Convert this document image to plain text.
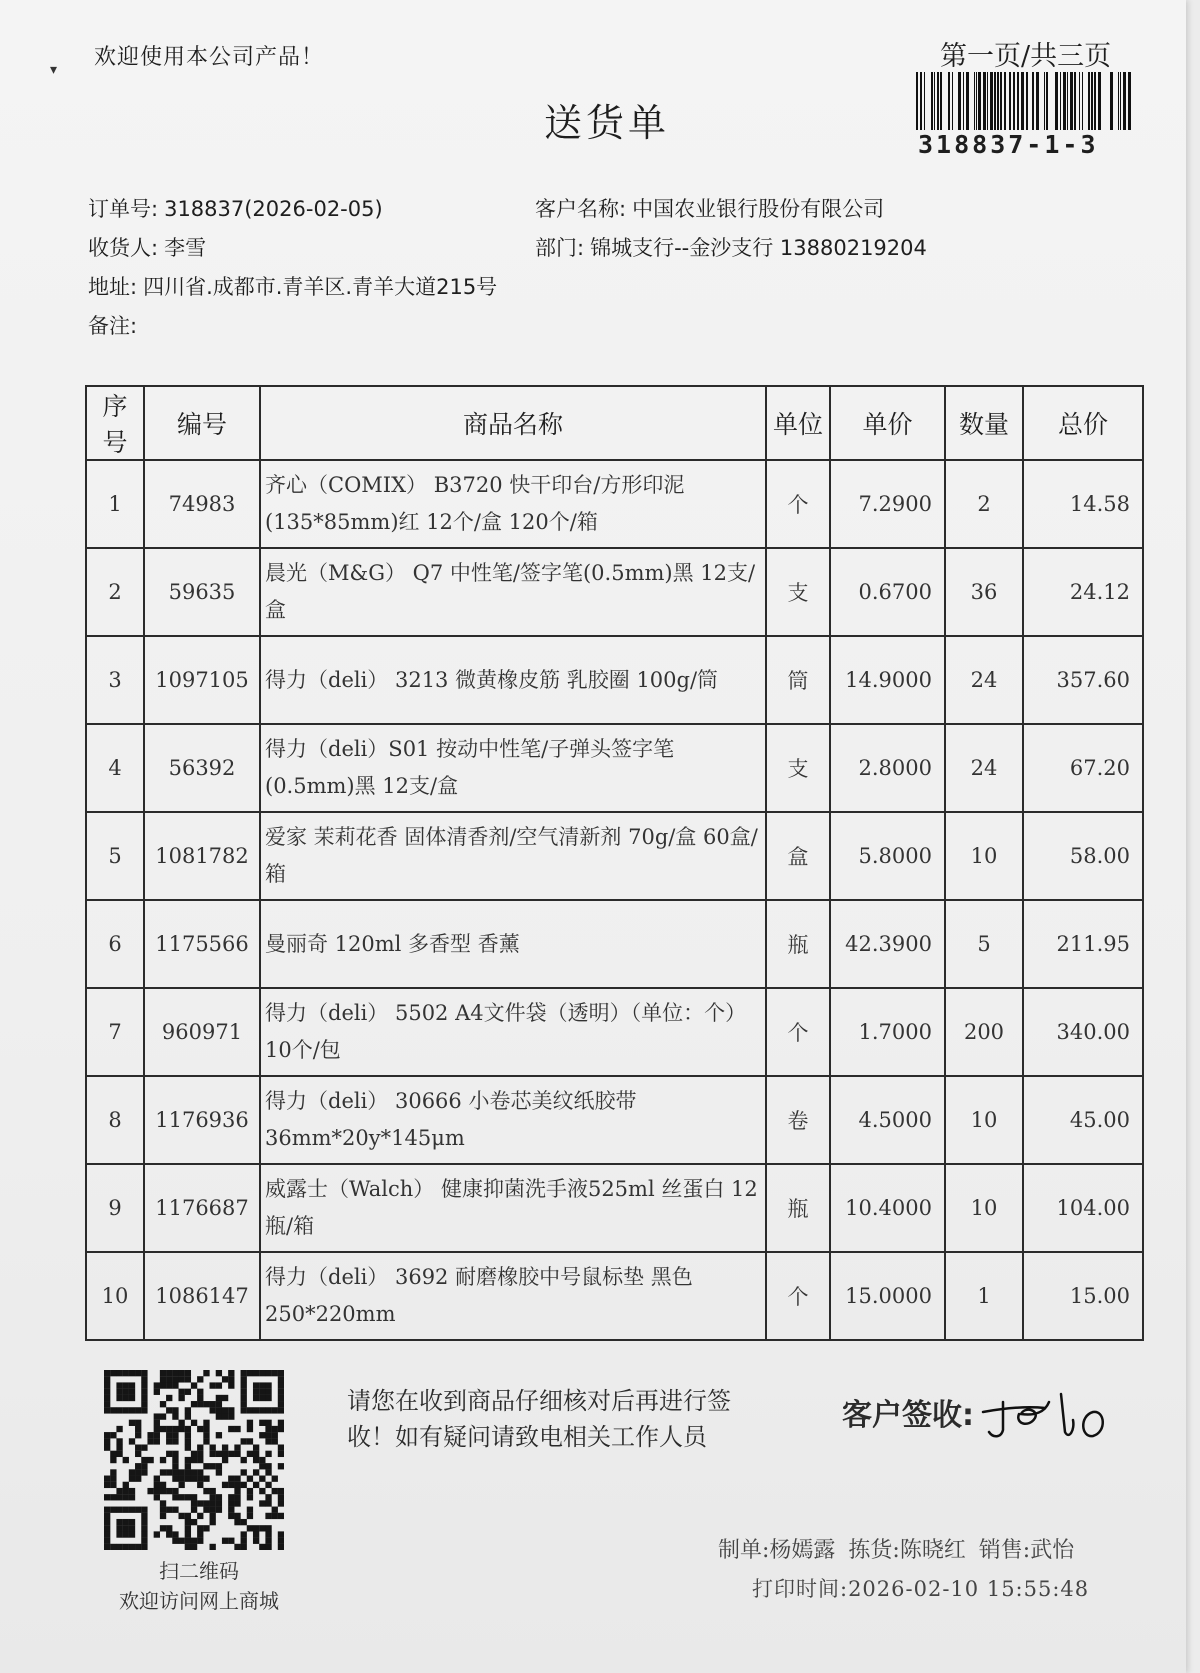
▾ 欢迎使用本公司产品！	第一页/共三页
318837-1-3
送货单
订单号: 318837(2026-02-05)	客户名称: 中国农业银行股份有限公司
收货人: 李雪	部门: 锦城支行--金沙支行 13880219204
地址: 四川省.成都市.青羊区.青羊大道215号
备注:
序号	编号	商品名称	单位	单价	数量	总价
1	74983	齐心（COMIX） B3720 快干印台/方形印泥(135*85mm)红 12个/盒 120个/箱	个	7.2900	2	14.58
2	59635	晨光（M&G） Q7 中性笔/签字笔(0.5mm)黑 12支/盒	支	0.6700	36	24.12
3	1097105	得力（deli） 3213 微黄橡皮筋 乳胶圈 100g/筒	筒	14.9000	24	357.60
4	56392	得力（deli）S01 按动中性笔/子弹头签字笔(0.5mm)黑 12支/盒	支	2.8000	24	67.20
5	1081782	爱家 茉莉花香 固体清香剂/空气清新剂 70g/盒 60盒/箱	盒	5.8000	10	58.00
6	1175566	曼丽奇 120ml 多香型 香薰	瓶	42.3900	5	211.95
7	960971	得力（deli） 5502 A4文件袋（透明）（单位：个） 10个/包	个	1.7000	200	340.00
8	1176936	得力（deli） 30666 小卷芯美纹纸胶带 36mm*20y*145μm	卷	4.5000	10	45.00
9	1176687	威露士（Walch） 健康抑菌洗手液525ml 丝蛋白 12瓶/箱	瓶	10.4000	10	104.00
10	1086147	得力（deli） 3692 耐磨橡胶中号鼠标垫 黑色 250*220mm	个	15.0000	1	15.00
扫二维码
欢迎访问网上商城
请您在收到商品仔细核对后再进行签收！如有疑问请致电相关工作人员
客户签收:
制单:杨嫣露 拣货:陈晓红 销售:武怡
打印时间:2026-02-10 15:55:48
